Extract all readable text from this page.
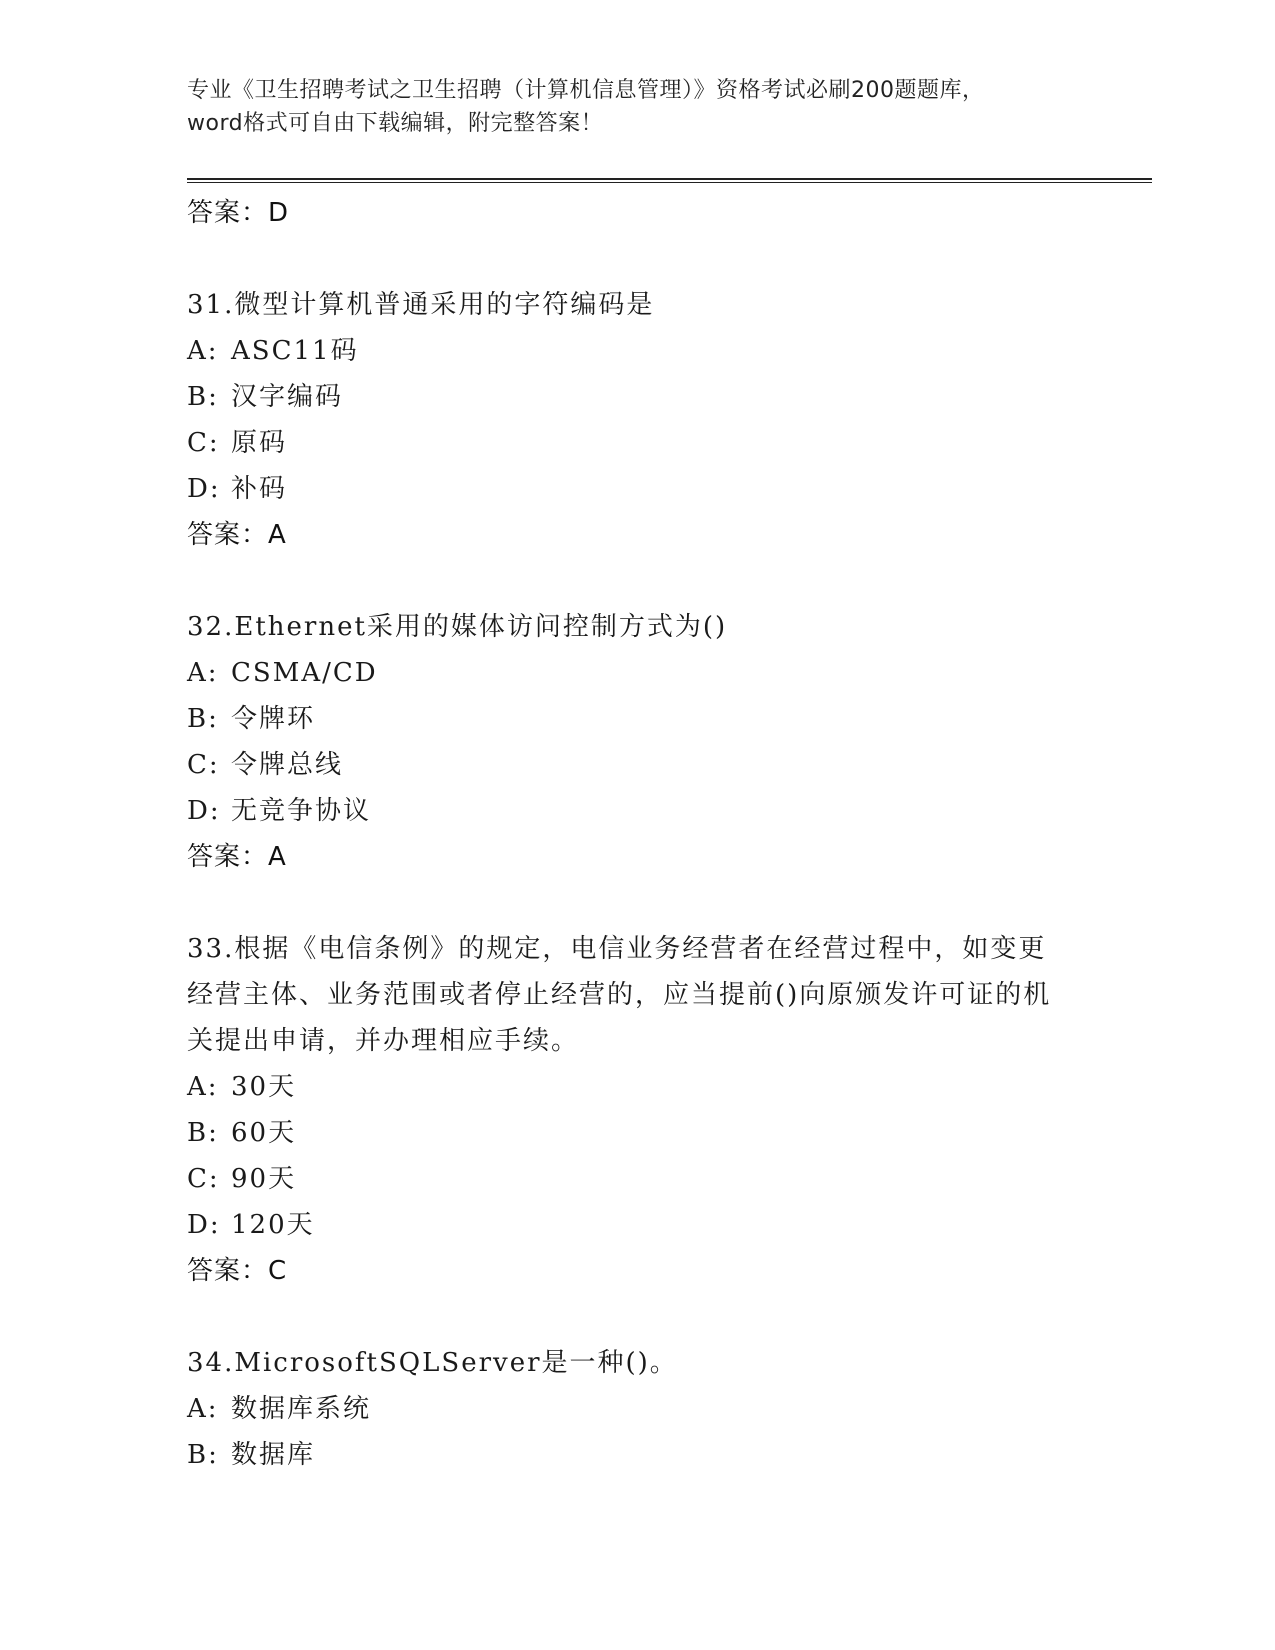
专业《卫生招聘考试之卫生招聘（计算机信息管理）》资格考试必刷200题题库，
word格式可自由下载编辑，附完整答案！
答案：D
31.微型计算机普通采用的字符编码是
A: ASC11码
B: 汉字编码
C: 原码
D: 补码
答案：A
32.Ethernet采用的媒体访问控制方式为()
A: CSMA/CD
B: 令牌环
C: 令牌总线
D: 无竞争协议
答案：A
33.根据《电信条例》的规定，电信业务经营者在经营过程中，如变更经营主体、业务范围或者停止经营的，应当提前()向原颁发许可证的机关提出申请，并办理相应手续。
A: 30天
B: 60天
C: 90天
D: 120天
答案：C
34.MicrosoftSQLServer是一种()。
A: 数据库系统
B: 数据库
